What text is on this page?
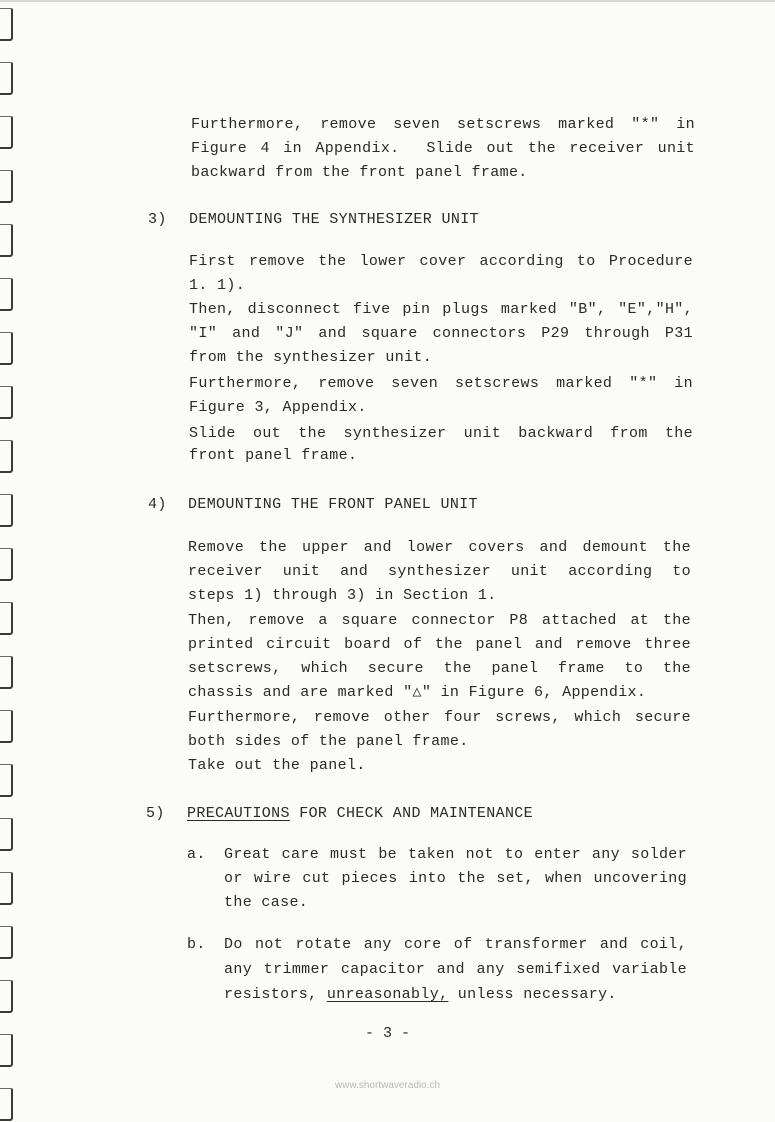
Furthermore, remove seven setscrews marked "*" in
Figure 4 in Appendix.  Slide out the receiver unit
backward from the front panel frame.
3) DEMOUNTING THE SYNTHESIZER UNIT
First remove the lower cover according to Procedure
1. 1).
Then, disconnect five pin plugs marked "B", "E","H",
"I" and "J" and square connectors P29 through P31
from the synthesizer unit.
Furthermore, remove seven setscrews marked "*" in
Figure 3, Appendix.
Slide out the synthesizer unit backward from the
front panel frame.
4) DEMOUNTING THE FRONT PANEL UNIT
Remove the upper and lower covers and demount the
receiver unit and synthesizer unit according to
steps 1) through 3) in Section 1.
Then, remove a square connector P8 attached at the
printed circuit board of the panel and remove three
setscrews, which secure the panel frame to the
chassis and are marked "△" in Figure 6, Appendix.
Furthermore, remove other four screws, which secure
both sides of the panel frame.
Take out the panel.
5) PRECAUTIONS FOR CHECK AND MAINTENANCE
a. Great care must be taken not to enter any solder
or wire cut pieces into the set, when uncovering
the case.
b. Do not rotate any core of transformer and coil,
any trimmer capacitor and any semifixed variable
resistors, unreasonably, unless necessary.
- 3 -
www.shortwaveradio.ch
